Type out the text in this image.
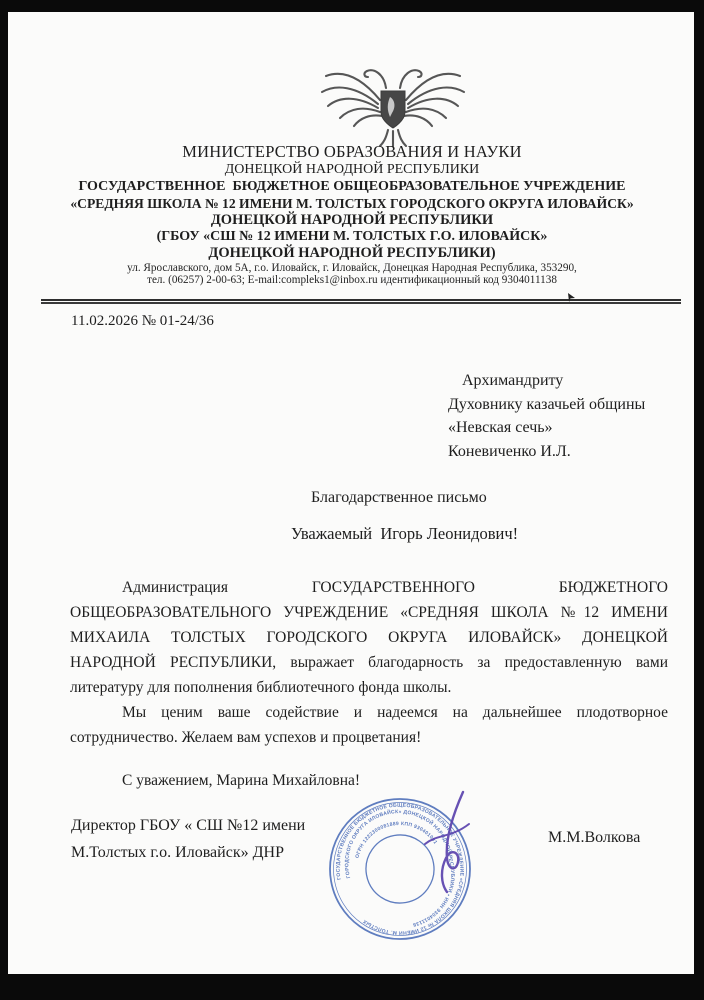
МИНИСТЕРСТВО ОБРАЗОВАНИЯ И НАУКИ
ДОНЕЦКОЙ НАРОДНОЙ РЕСПУБЛИКИ
ГОСУДАРСТВЕННОЕ  БЮДЖЕТНОЕ ОБЩЕОБРАЗОВАТЕЛЬНОЕ УЧРЕЖДЕНИЕ
«СРЕДНЯЯ ШКОЛА № 12 ИМЕНИ М. ТОЛСТЫХ ГОРОДСКОГО ОКРУГА ИЛОВАЙСК»
ДОНЕЦКОЙ НАРОДНОЙ РЕСПУБЛИКИ
(ГБОУ «СШ № 12 ИМЕНИ М. ТОЛСТЫХ Г.О. ИЛОВАЙСК»
ДОНЕЦКОЙ НАРОДНОЙ РЕСПУБЛИКИ)
ул. Ярославского, дом 5А, г.о. Иловайск, г. Иловайск, Донецкая Народная Республика, 353290,
тел. (06257) 2-00-63; E-mail:compleks1@inbox.ru идентификационный код 9304011138
11.02.2026 № 01-24/36
Архимандриту
Духовнику казачьей общины
«Невская сечь»
Коневиченко И.Л.
Благодарственное письмо
Уважаемый  Игорь Леонидович!
Администрация ГОСУДАРСТВЕННОГО БЮДЖЕТНОГО
ОБЩЕОБРАЗОВАТЕЛЬНОГО УЧРЕЖДЕНИЕ «СРЕДНЯЯ ШКОЛА №12 ИМЕНИ
МИХАИЛА ТОЛСТЫХ ГОРОДСКОГО ОКРУГА ИЛОВАЙСК» ДОНЕЦКОЙ
НАРОДНОЙ РЕСПУБЛИКИ, выражает благодарность за предоставленную вами
литературу для пополнения библиотечного фонда школы.
Мы ценим ваше содействие и надеемся на дальнейшее плодотворное
сотрудничество. Желаем вам успехов и процветания!
С уважением, Марина Михайловна!
Директор ГБОУ « СШ №12 имени
М.Толстых г.о. Иловайск» ДНР
М.М.Волкова
ГОСУДАРСТВЕННОЕ БЮДЖЕТНОЕ ОБЩЕОБРАЗОВАТЕЛЬНОЕ УЧРЕЖДЕНИЕ «СРЕДНЯЯ ШКОЛА № 12 ИМЕНИ М. ТОЛСТЫХ
ГОРОДСКОГО ОКРУГА ИЛОВАЙСК» ДОНЕЦКОЙ НАРОДНОЙ РЕСПУБЛИКИ • ИНН 9304011138
ОГРН 1222300081889 КПП 930401001
